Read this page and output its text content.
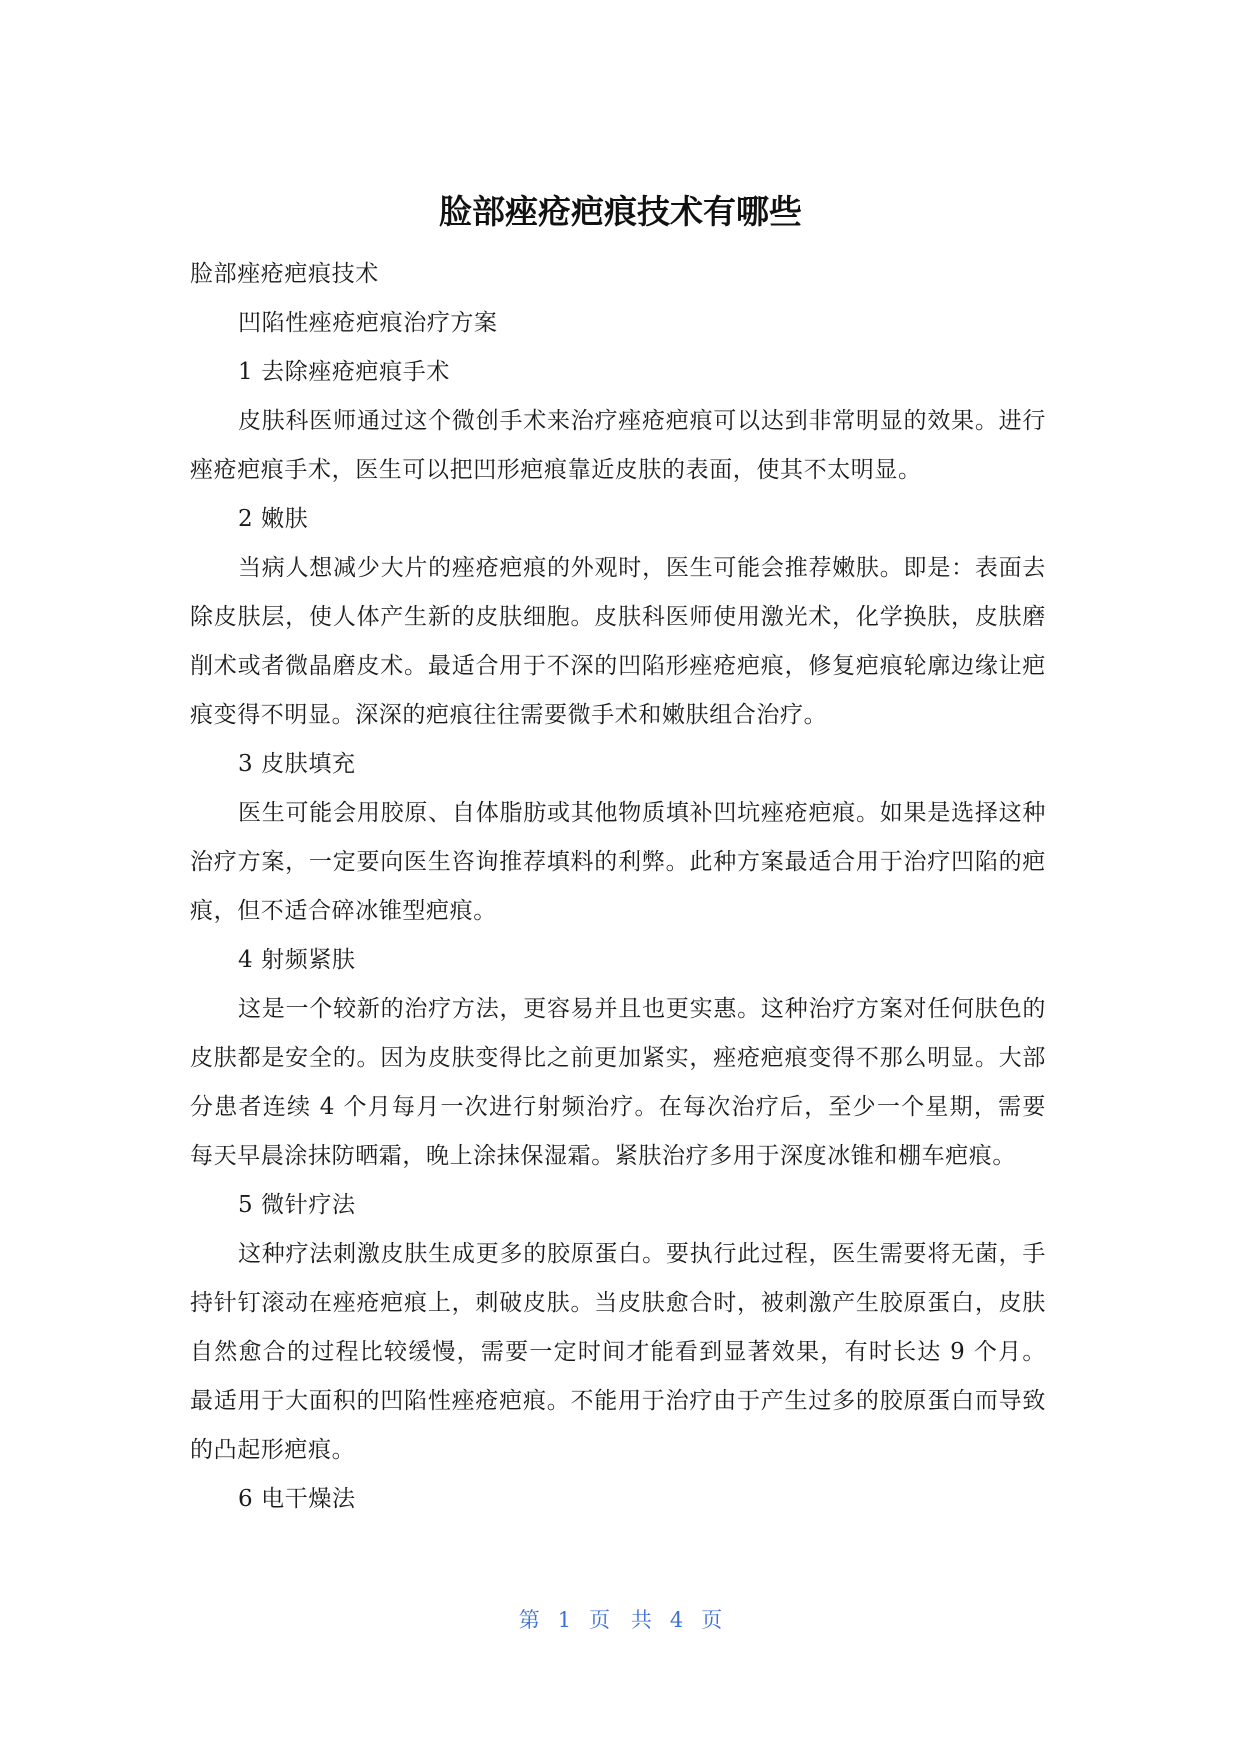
脸部痤疮疤痕技术有哪些

脸部痤疮疤痕技术

凹陷性痤疮疤痕治疗方案

1 去除痤疮疤痕手术

皮肤科医师通过这个微创手术来治疗痤疮疤痕可以达到非常明显的效果。进行痤疮疤痕手术，医生可以把凹形疤痕靠近皮肤的表面，使其不太明显。

2 嫩肤

当病人想减少大片的痤疮疤痕的外观时，医生可能会推荐嫩肤。即是：表面去除皮肤层，使人体产生新的皮肤细胞。皮肤科医师使用激光术，化学换肤，皮肤磨削术或者微晶磨皮术。最适合用于不深的凹陷形痤疮疤痕，修复疤痕轮廓边缘让疤痕变得不明显。深深的疤痕往往需要微手术和嫩肤组合治疗。

3 皮肤填充

医生可能会用胶原、自体脂肪或其他物质填补凹坑痤疮疤痕。如果是选择这种治疗方案，一定要向医生咨询推荐填料的利弊。此种方案最适合用于治疗凹陷的疤痕，但不适合碎冰锥型疤痕。

4 射频紧肤

这是一个较新的治疗方法，更容易并且也更实惠。这种治疗方案对任何肤色的皮肤都是安全的。因为皮肤变得比之前更加紧实，痤疮疤痕变得不那么明显。大部分患者连续 4 个月每月一次进行射频治疗。在每次治疗后，至少一个星期，需要每天早晨涂抹防晒霜，晚上涂抹保湿霜。紧肤治疗多用于深度冰锥和棚车疤痕。

5 微针疗法

这种疗法刺激皮肤生成更多的胶原蛋白。要执行此过程，医生需要将无菌，手持针钉滚动在痤疮疤痕上，刺破皮肤。当皮肤愈合时，被刺激产生胶原蛋白，皮肤自然愈合的过程比较缓慢，需要一定时间才能看到显著效果，有时长达 9 个月。最适用于大面积的凹陷性痤疮疤痕。不能用于治疗由于产生过多的胶原蛋白而导致的凸起形疤痕。

6 电干燥法

第 1 页 共 4 页
